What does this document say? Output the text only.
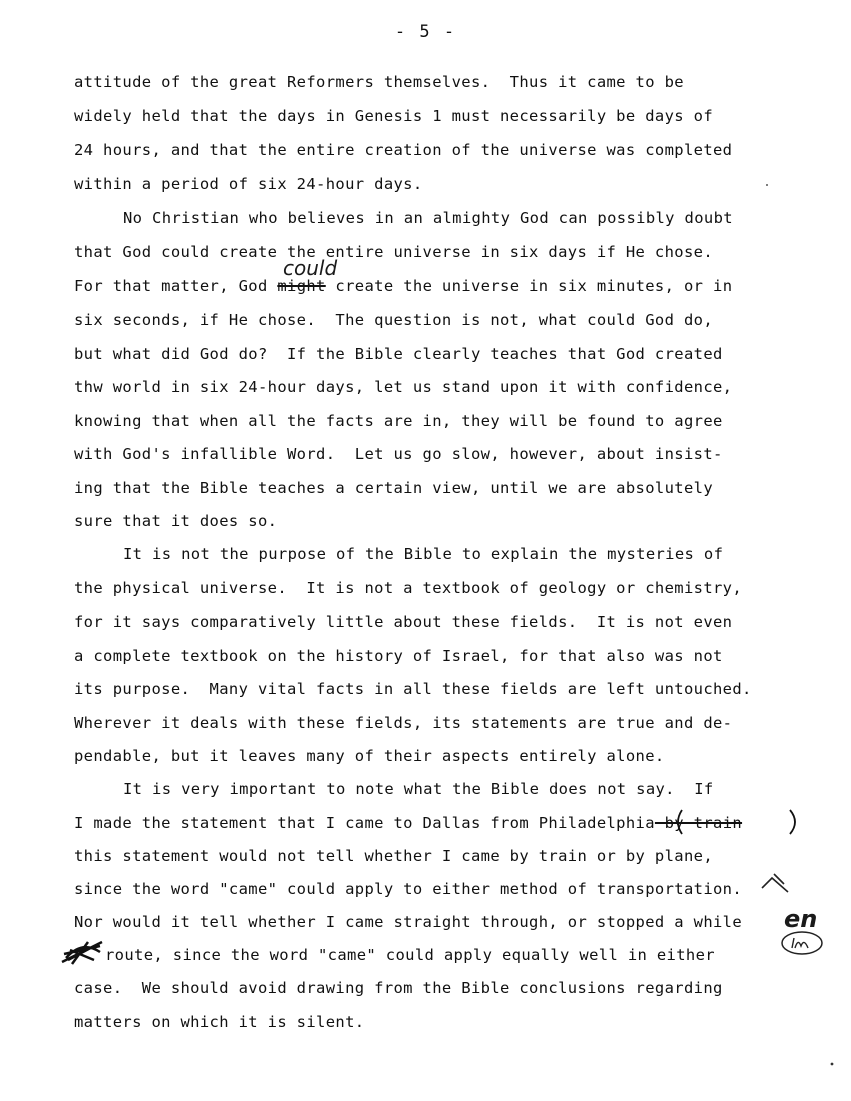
- 5 -
attitude of the great Reformers themselves.  Thus it came to be
widely held that the days in Genesis 1 must necessarily be days of
24 hours, and that the entire creation of the universe was completed
within a period of six 24-hour days.
No Christian who believes in an almighty God can possibly doubt
that God could create the entire universe in six days if He chose.
For that matter, God might create the universe in six minutes, or in
could
six seconds, if He chose.  The question is not, what could God do,
but what did God do?  If the Bible clearly teaches that God created
thw world in six 24-hour days, let us stand upon it with confidence,
knowing that when all the facts are in, they will be found to agree
with God's infallible Word.  Let us go slow, however, about insist-
ing that the Bible teaches a certain view, until we are absolutely
sure that it does so.
It is not the purpose of the Bible to explain the mysteries of
the physical universe.  It is not a textbook of geology or chemistry,
for it says comparatively little about these fields.  It is not even
a complete textbook on the history of Israel, for that also was not
its purpose.  Many vital facts in all these fields are left untouched.
Wherever it deals with these fields, its statements are true and de-
pendable, but it leaves many of their aspects entirely alone.
It is very important to note what the Bible does not say.  If
I made the statement that I came to Dallas from Philadelphia by train
this statement would not tell whether I came by train or by plane,
since the word "came" could apply to either method of transportation.
Nor would it tell whether I came straight through, or stopped a while
route, since the word "came" could apply equally well in either
case.  We should avoid drawing from the Bible conclusions regarding
matters on which it is silent.
en
